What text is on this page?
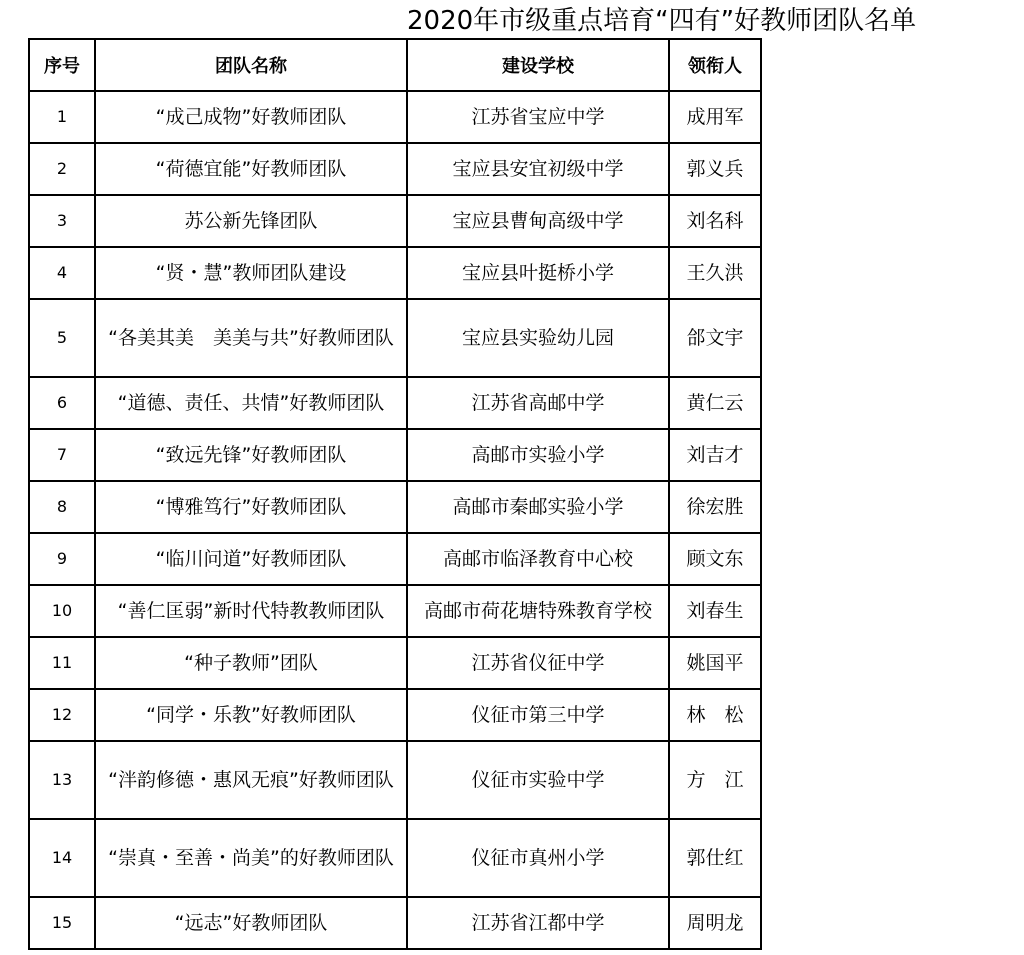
2020年市级重点培育“四有”好教师团队名单
序号	团队名称	建设学校	领衔人
1	“成己成物”好教师团队	江苏省宝应中学	成用军
2	“荷德宜能”好教师团队	宝应县安宜初级中学	郭义兵
3	苏公新先锋团队	宝应县曹甸高级中学	刘名科
4	“贤・慧”教师团队建设	宝应县叶挺桥小学	王久洪
5	“各美其美　美美与共”好教师团队	宝应县实验幼儿园	郃文宇
6	“道德、责任、共情”好教师团队	江苏省高邮中学	黄仁云
7	“致远先锋”好教师团队	高邮市实验小学	刘吉才
8	“博雅笃行”好教师团队	高邮市秦邮实验小学	徐宏胜
9	“临川问道”好教师团队	高邮市临泽教育中心校	顾文东
10	“善仁匡弱”新时代特教教师团队	高邮市荷花塘特殊教育学校	刘春生
11	“种子教师”团队	江苏省仪征中学	姚国平
12	“同学・乐教”好教师团队	仪征市第三中学	林　松
13	“泮韵修德・惠风无痕”好教师团队	仪征市实验中学	方　江
14	“崇真・至善・尚美”的好教师团队	仪征市真州小学	郭仕红
15	“远志”好教师团队	江苏省江都中学	周明龙
